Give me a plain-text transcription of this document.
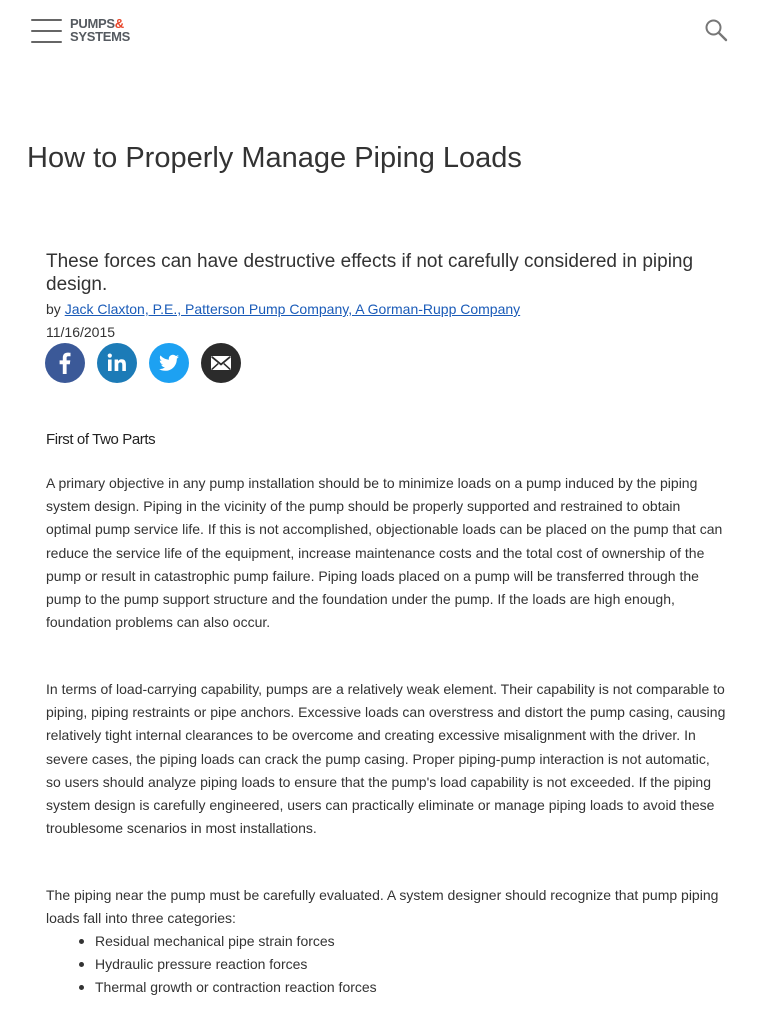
PUMPS&
SYSTEMS
How to Properly Manage Piping Loads
These forces can have destructive effects if not carefully considered in piping design.
by Jack Claxton, P.E., Patterson Pump Company, A Gorman-Rupp Company
11/16/2015
First of Two Parts

A primary objective in any pump installation should be to minimize loads on a pump induced by the piping system design. Piping in the vicinity of the pump should be properly supported and restrained to obtain optimal pump service life. If this is not accomplished, objectionable loads can be placed on the pump that can reduce the service life of the equipment, increase maintenance costs and the total cost of ownership of the pump or result in catastrophic pump failure. Piping loads placed on a pump will be transferred through the pump to the pump support structure and the foundation under the pump. If the loads are high enough, foundation problems can also occur.

In terms of load-carrying capability, pumps are a relatively weak element. Their capability is not comparable to piping, piping restraints or pipe anchors. Excessive loads can overstress and distort the pump casing, causing relatively tight internal clearances to be overcome and creating excessive misalignment with the driver. In severe cases, the piping loads can crack the pump casing. Proper piping-pump interaction is not automatic, so users should analyze piping loads to ensure that the pump's load capability is not exceeded. If the piping system design is carefully engineered, users can practically eliminate or manage piping loads to avoid these troublesome scenarios in most installations.

The piping near the pump must be carefully evaluated. A system designer should recognize that pump piping loads fall into three categories:

Residual mechanical pipe strain forces
Hydraulic pressure reaction forces
Thermal growth or contraction reaction forces
